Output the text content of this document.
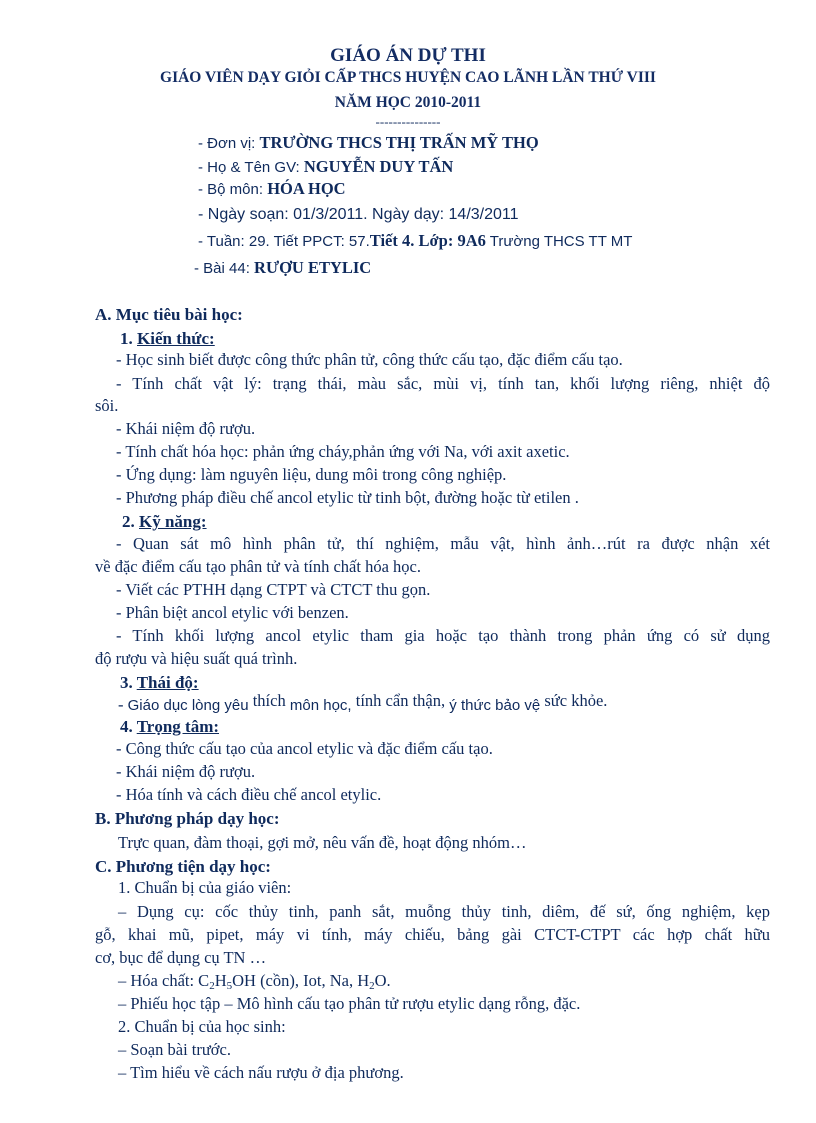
GIÁO ÁN DỰ THI
GIÁO VIÊN DẠY GIỎI CẤP THCS HUYỆN CAO LÃNH LẦN THỨ VIII
NĂM HỌC 2010-2011
---------------
- Đơn vị: TRƯỜNG THCS THỊ TRẤN MỸ THỌ
- Họ & Tên GV: NGUYỄN DUY TẤN
- Bộ môn: HÓA HỌC
- Ngày soạn: 01/3/2011. Ngày dạy: 14/3/2011
- Tuần: 29. Tiết PPCT: 57.Tiết 4. Lớp: 9A6 Trường THCS TT MT
- Bài 44: RƯỢU ETYLIC
A. Mục tiêu bài học:
1. Kiến thức:
- Học sinh biết được công thức phân tử, công thức cấu tạo, đặc điểm cấu tạo.
- Tính chất vật lý: trạng thái, màu sắc, mùi vị, tính tan, khối lượng riêng, nhiệt độ
sôi.
- Khái niệm độ rượu.
- Tính chất hóa học: phản ứng cháy,phản ứng với Na, với axit axetic.
- Ứng dụng: làm nguyên liệu, dung môi trong công nghiệp.
- Phương pháp điều chế ancol etylic từ tinh bột, đường hoặc từ etilen .
2. Kỹ năng:
- Quan sát mô hình phân tử, thí nghiệm, mẫu vật, hình ảnh…rút ra được nhận xét
về đặc điểm cấu tạo phân tử và tính chất hóa học.
- Viết các PTHH dạng CTPT và CTCT thu gọn.
- Phân biệt ancol etylic với benzen.
- Tính khối lượng ancol etylic tham gia hoặc tạo thành trong phản ứng có sử dụng
độ rượu và hiệu suất quá trình.
3. Thái độ:
- Giáo dục lòng yêu thích môn học, tính cẩn thận, ý thức bảo vệ sức khỏe.
4. Trọng tâm:
- Công thức cấu tạo của ancol etylic và đặc điểm cấu tạo.
- Khái niệm độ rượu.
- Hóa tính và cách điều chế ancol etylic.
B. Phương pháp dạy học:
Trực quan, đàm thoại, gợi mở, nêu vấn đề, hoạt động nhóm…
C. Phương tiện dạy học:
1. Chuẩn bị của giáo viên:
– Dụng cụ: cốc thủy tinh, panh sắt, muỗng thủy tinh, diêm, đế sứ, ống nghiệm, kẹp
gỗ, khai mũ, pipet, máy vi tính, máy chiếu, bảng gài CTCT-CTPT các hợp chất hữu
cơ, bục để dụng cụ TN …
– Hóa chất: $C_2H_5OH$ (cồn), Iot, Na, $H_2O$.
– Phiếu học tập – Mô hình cấu tạo phân tử rượu etylic dạng rỗng, đặc.
2. Chuẩn bị của học sinh:
– Soạn bài trước.
– Tìm hiểu về cách nấu rượu ở địa phương.
